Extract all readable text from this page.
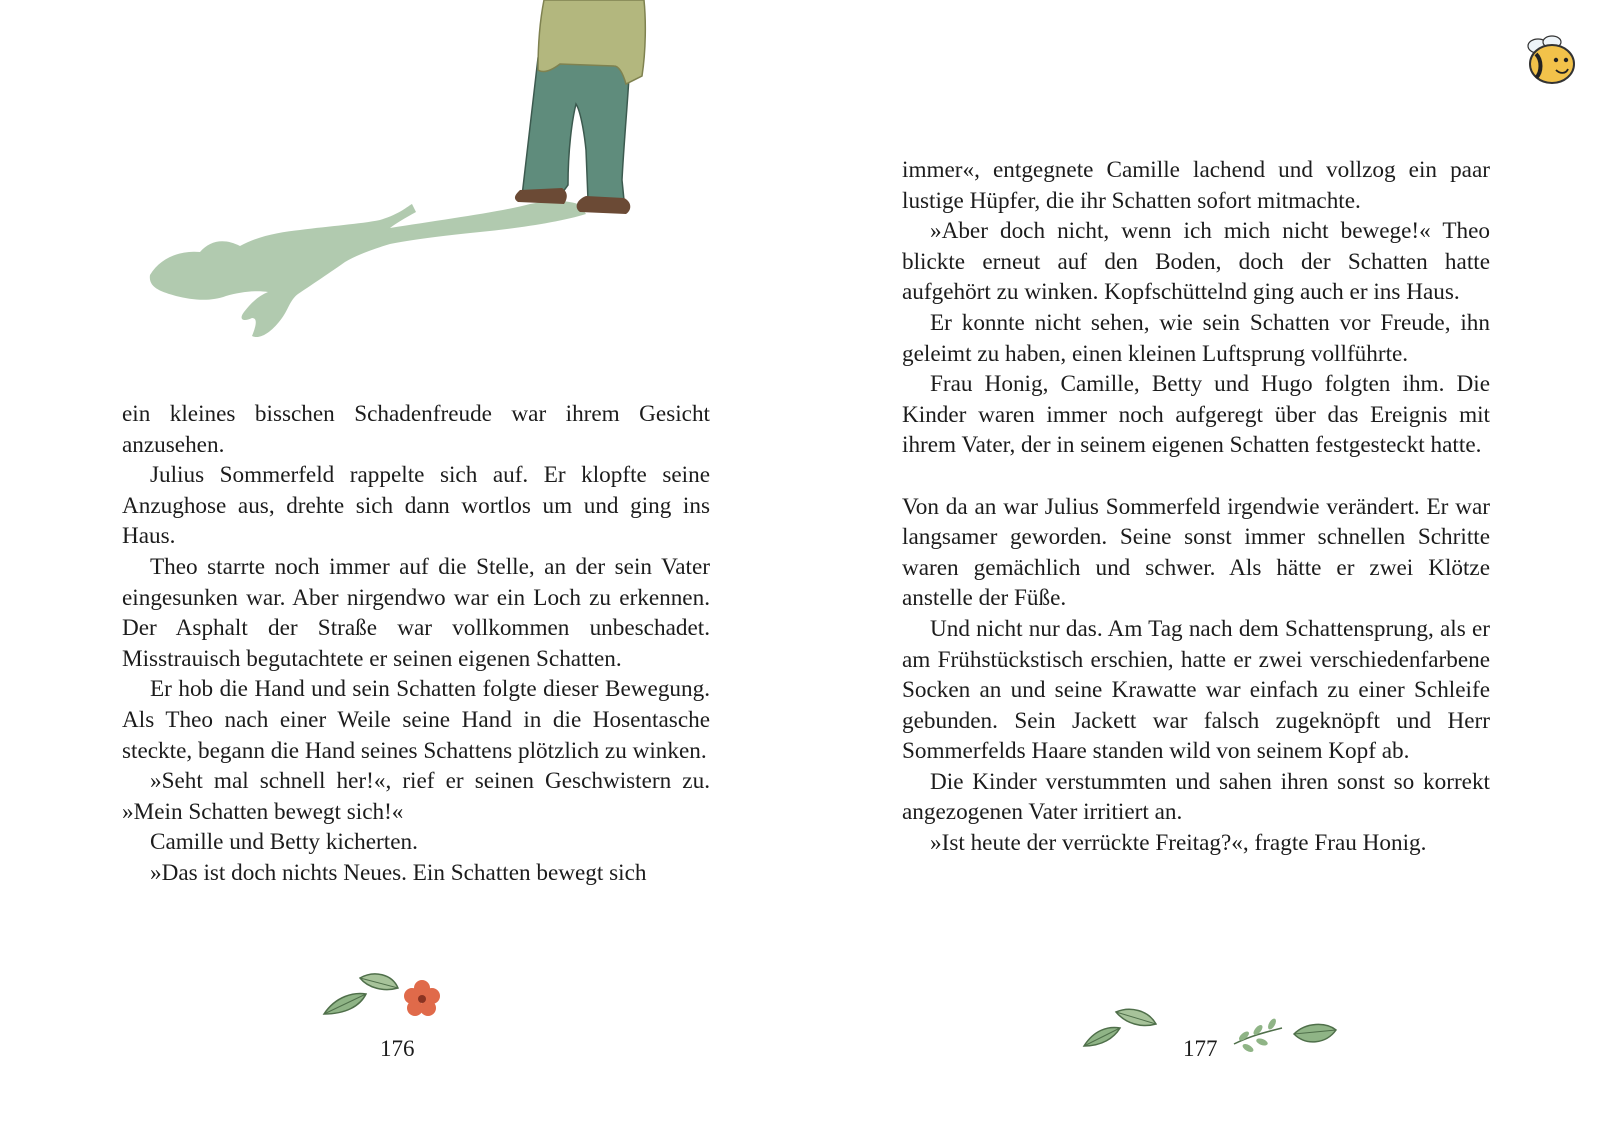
ein kleines bisschen Schadenfreude war ihrem Gesicht anzusehen.

Julius Sommerfeld rappelte sich auf. Er klopfte seine Anzughose aus, drehte sich dann wortlos um und ging ins Haus.

Theo starrte noch immer auf die Stelle, an der sein Vater eingesunken war. Aber nirgendwo war ein Loch zu erkennen. Der Asphalt der Straße war vollkommen unbeschadet. Misstrauisch begutachtete er seinen eigenen Schatten.

Er hob die Hand und sein Schatten folgte dieser Bewegung. Als Theo nach einer Weile seine Hand in die Hosentasche steckte, begann die Hand seines Schattens plötzlich zu winken.

»Seht mal schnell her!«, rief er seinen Geschwistern zu. »Mein Schatten bewegt sich!«

Camille und Betty kicherten.

»Das ist doch nichts Neues. Ein Schatten bewegt sich

176

immer«, entgegnete Camille lachend und vollzog ein paar lustige Hüpfer, die ihr Schatten sofort mitmachte.

»Aber doch nicht, wenn ich mich nicht bewege!« Theo blickte erneut auf den Boden, doch der Schatten hatte aufgehört zu winken. Kopfschüttelnd ging auch er ins Haus.

Er konnte nicht sehen, wie sein Schatten vor Freude, ihn geleimt zu haben, einen kleinen Luftsprung vollführte.

Frau Honig, Camille, Betty und Hugo folgten ihm. Die Kinder waren immer noch aufgeregt über das Ereignis mit ihrem Vater, der in seinem eigenen Schatten festgesteckt hatte.

Von da an war Julius Sommerfeld irgendwie verändert. Er war langsamer geworden. Seine sonst immer schnellen Schritte waren gemächlich und schwer. Als hätte er zwei Klötze anstelle der Füße.

Und nicht nur das. Am Tag nach dem Schattensprung, als er am Frühstückstisch erschien, hatte er zwei verschiedenfarbene Socken an und seine Krawatte war einfach zu einer Schleife gebunden. Sein Jackett war falsch zugeknöpft und Herr Sommerfelds Haare standen wild von seinem Kopf ab.

Die Kinder verstummten und sahen ihren sonst so korrekt angezogenen Vater irritiert an.

»Ist heute der verrückte Freitag?«, fragte Frau Honig.

177
